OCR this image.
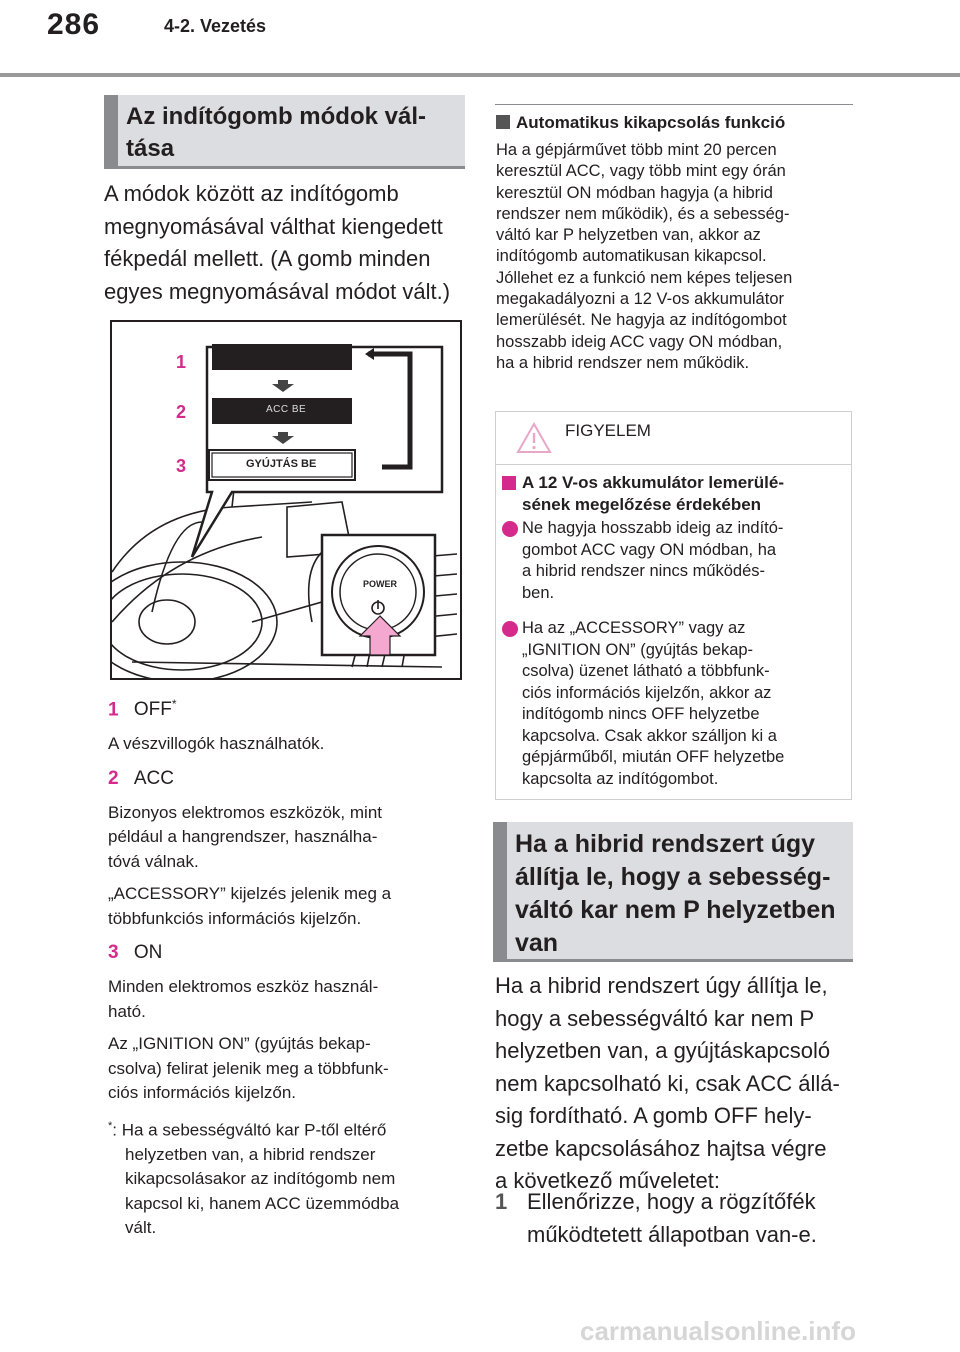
286	4-2. Vezetés
Az indítógomb módok vál-
tása

A módok között az indítógomb

megnyomásával válthat kiengedett

fékpedál mellett. (A gomb minden

egyes megnyomásával módot vált.)

1
2
3
ACC BE
GYÚJTÁS BE
POWER
1 OFF*

A vészvillogók használhatók.

2 ACC

Bizonyos elektromos eszközök, mint

például a hangrendszer, használha-

tóvá válnak.

„ACCESSORY” kijelzés jelenik meg a

többfunkciós információs kijelzőn.

3 ON

Minden elektromos eszköz használ-

ható.

Az „IGNITION ON” (gyújtás bekap-

csolva) felirat jelenik meg a többfunk-

ciós információs kijelzőn.

*: Ha a sebességváltó kar P-től eltérő

helyzetben van, a hibrid rendszer

kikapcsolásakor az indítógomb nem

kapcsol ki, hanem ACC üzemmódba

vált.

Automatikus kikapcsolás funkció

Ha a gépjárművet több mint 20 percen

keresztül ACC, vagy több mint egy órán

keresztül ON módban hagyja (a hibrid

rendszer nem működik), és a sebesség-

váltó kar P helyzetben van, akkor az

indítógomb automatikusan kikapcsol.

Jóllehet ez a funkció nem képes teljesen

megakadályozni a 12 V-os akkumulátor

lemerülését. Ne hagyja az indítógombot

hosszabb ideig ACC vagy ON módban,

ha a hibrid rendszer nem működik.

FIGYELEM

A 12 V-os akkumulátor lemerülé-

sének megelőzése érdekében

Ne hagyja hosszabb ideig az indító-

gombot ACC vagy ON módban, ha

a hibrid rendszer nincs működés-

ben.

Ha az „ACCESSORY” vagy az

„IGNITION ON” (gyújtás bekap-

csolva) üzenet látható a többfunk-

ciós információs kijelzőn, akkor az

indítógomb nincs OFF helyzetbe

kapcsolva. Csak akkor szálljon ki a

gépjárműből, miután OFF helyzetbe

kapcsolta az indítógombot.

Ha a hibrid rendszert úgy
állítja le, hogy a sebesség-
váltó kar nem P helyzetben
van

Ha a hibrid rendszert úgy állítja le,

hogy a sebességváltó kar nem P

helyzetben van, a gyújtáskapcsoló

nem kapcsolható ki, csak ACC állá-

sig fordítható. A gomb OFF hely-

zetbe kapcsolásához hajtsa végre

a következő műveletet:

1 Ellenőrizze, hogy a rögzítőfék

működtetett állapotban van-e.

carmanualsonline.info
